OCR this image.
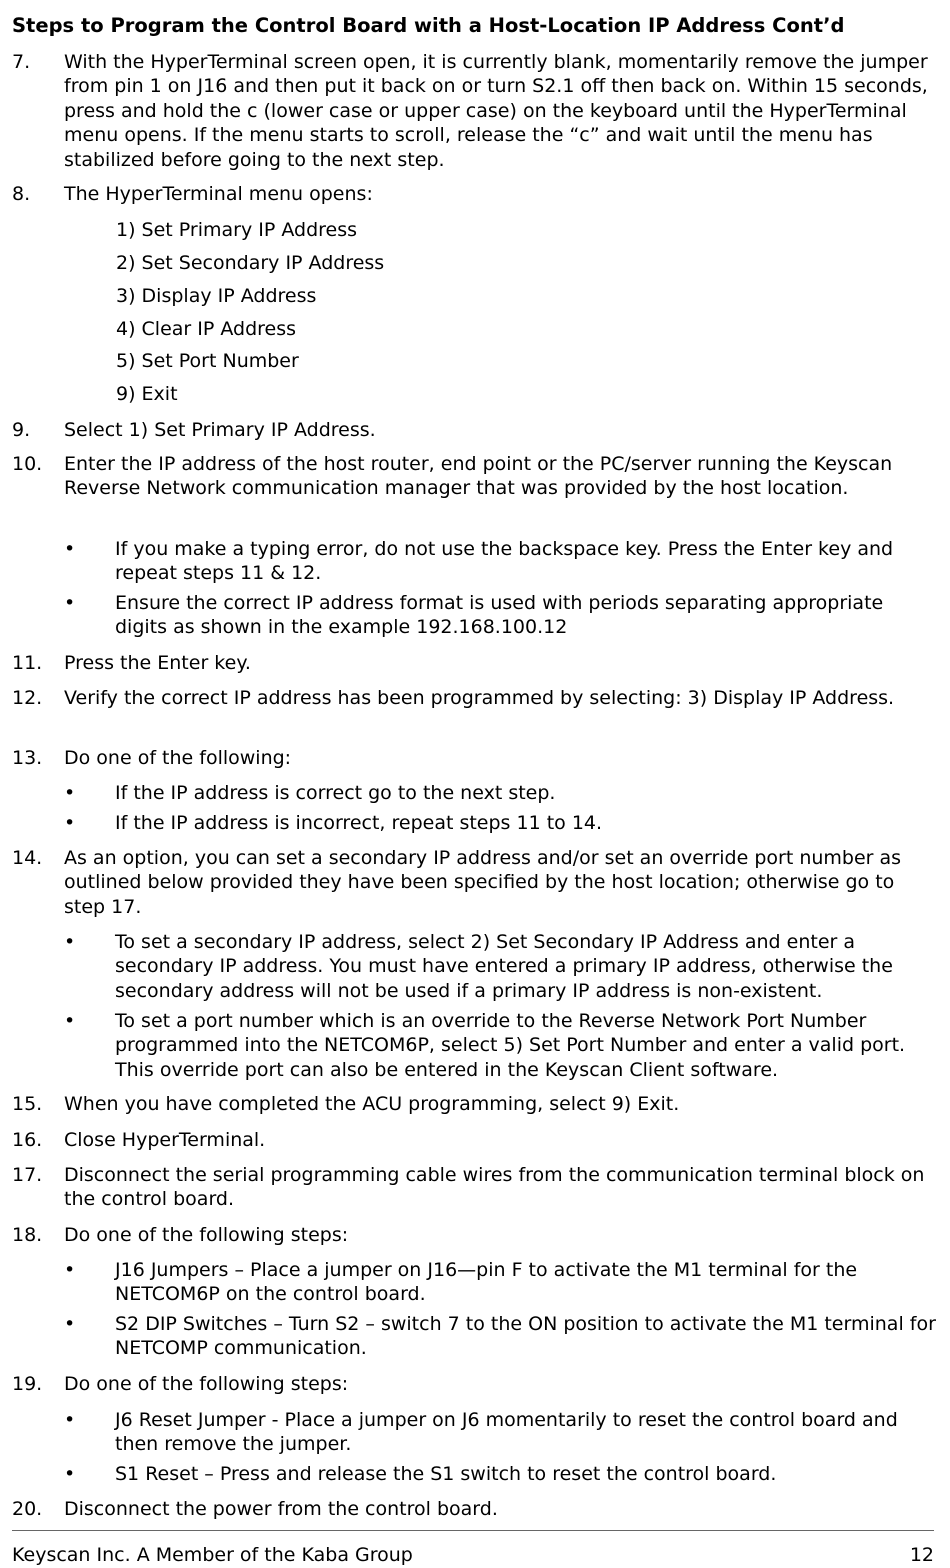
Steps to Program the Control Board with a Host-Location IP Address Cont’d
7. With the HyperTerminal screen open, it is currently blank, momentarily remove the jumper from pin 1 on J16 and then put it back on or turn S2.1 off then back on. Within 15 seconds, press and hold the c (lower case or upper case) on the keyboard until the HyperTerminal menu opens. If the menu starts to scroll, release the “c” and wait until the menu has stabilized before going to the next step.
8. The HyperTerminal menu opens:
1) Set Primary IP Address
2) Set Secondary IP Address
3) Display IP Address
4) Clear IP Address
5) Set Port Number
9) Exit
9. Select 1) Set Primary IP Address.
10. Enter the IP address of the host router, end point or the PC/server running the Keyscan Reverse Network communication manager that was provided by the host location.
• If you make a typing error, do not use the backspace key. Press the Enter key and repeat steps 11 & 12.
• Ensure the correct IP address format is used with periods separating appropriate digits as shown in the example 192.168.100.12
11. Press the Enter key.
12. Verify the correct IP address has been programmed by selecting: 3) Display IP Address.
13. Do one of the following:
• If the IP address is correct go to the next step.
• If the IP address is incorrect, repeat steps 11 to 14.
14. As an option, you can set a secondary IP address and/or set an override port number as outlined below provided they have been specified by the host location; otherwise go to step 17.
• To set a secondary IP address, select 2) Set Secondary IP Address and enter a secondary IP address. You must have entered a primary IP address, otherwise the secondary address will not be used if a primary IP address is non-existent.
• To set a port number which is an override to the Reverse Network Port Number programmed into the NETCOM6P, select 5) Set Port Number and enter a valid port. This override port can also be entered in the Keyscan Client software.
15. When you have completed the ACU programming, select 9) Exit.
16. Close HyperTerminal.
17. Disconnect the serial programming cable wires from the communication terminal block on the control board.
18. Do one of the following steps:
• J16 Jumpers – Place a jumper on J16—pin F to activate the M1 terminal for the NETCOM6P on the control board.
• S2 DIP Switches – Turn S2 – switch 7 to the ON position to activate the M1 terminal for NETCOMP communication.
19. Do one of the following steps:
• J6 Reset Jumper - Place a jumper on J6 momentarily to reset the control board and then remove the jumper.
• S1 Reset – Press and release the S1 switch to reset the control board.
20. Disconnect the power from the control board.
Keyscan Inc. A Member of the Kaba Group	12
